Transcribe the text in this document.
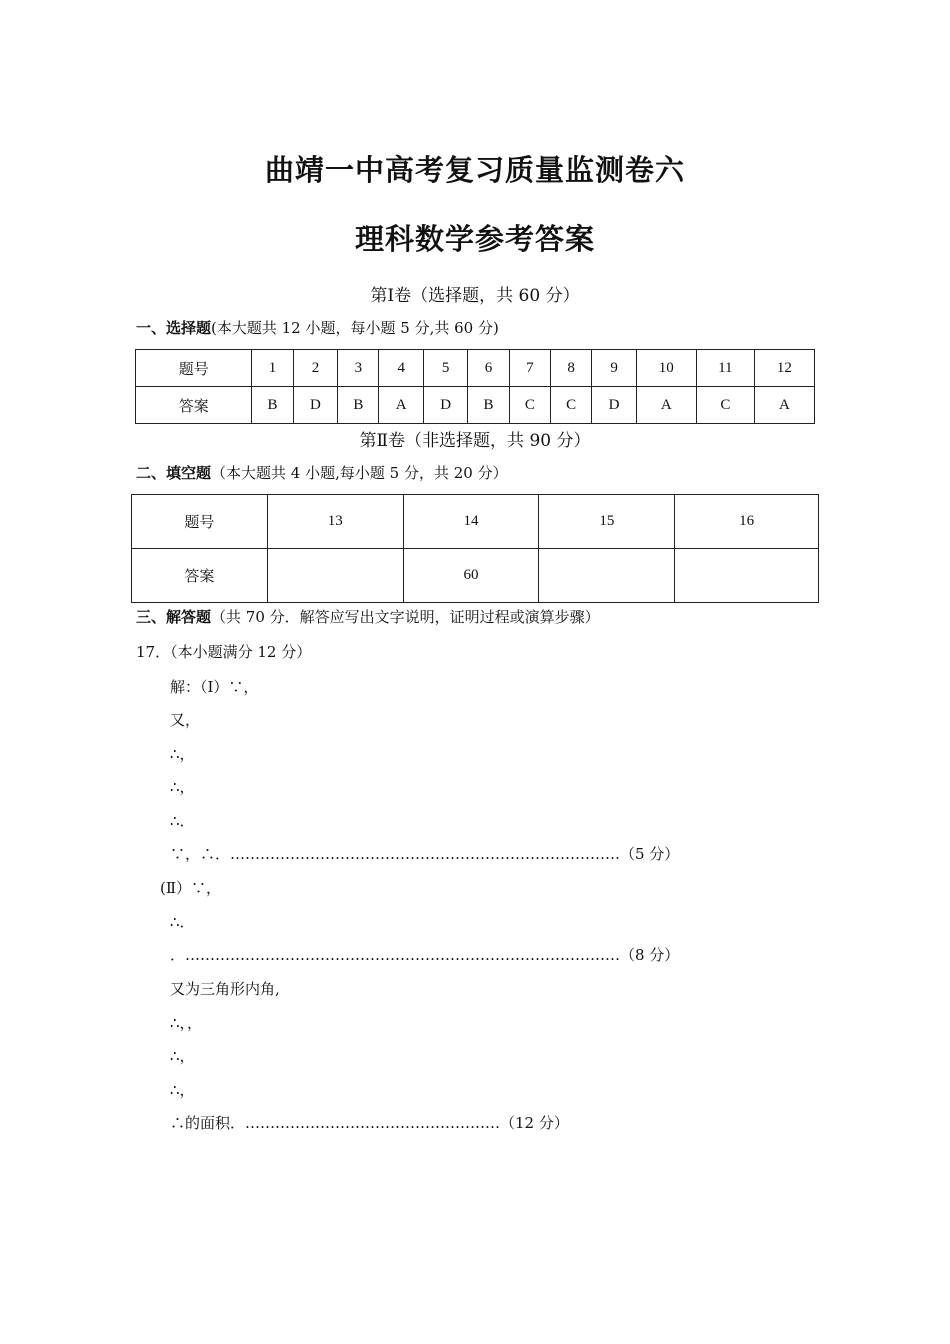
曲靖一中高考复习质量监测卷六
理科数学参考答案
第Ⅰ卷（选择题，共 60 分）
一、选择题(本大题共 12 小题，每小题 5 分,共 60 分)
题号	1	2	3	4	5	6	7	8	9	10	11	12
答案	B	D	B	A	D	B	C	C	D	A	C	A
第Ⅱ卷（非选择题，共 90 分）
二、填空题（本大题共 4 小题,每小题 5 分，共 20 分）
题号	13	14	15	16
答案		60		
三、解答题（共 70 分．解答应写出文字说明，证明过程或演算步骤）
17．（本小题满分 12 分）
解：（Ⅰ）∵，
又，
∴，
∴，
∴．
∵，∴．……………………………………………………………………（5 分）
(Ⅱ）∵，
∴．
．……………………………………………………………………………（8 分）
又为三角形内角,
∴，，
∴，
∴，
∴的面积．……………………………………………（12 分）
